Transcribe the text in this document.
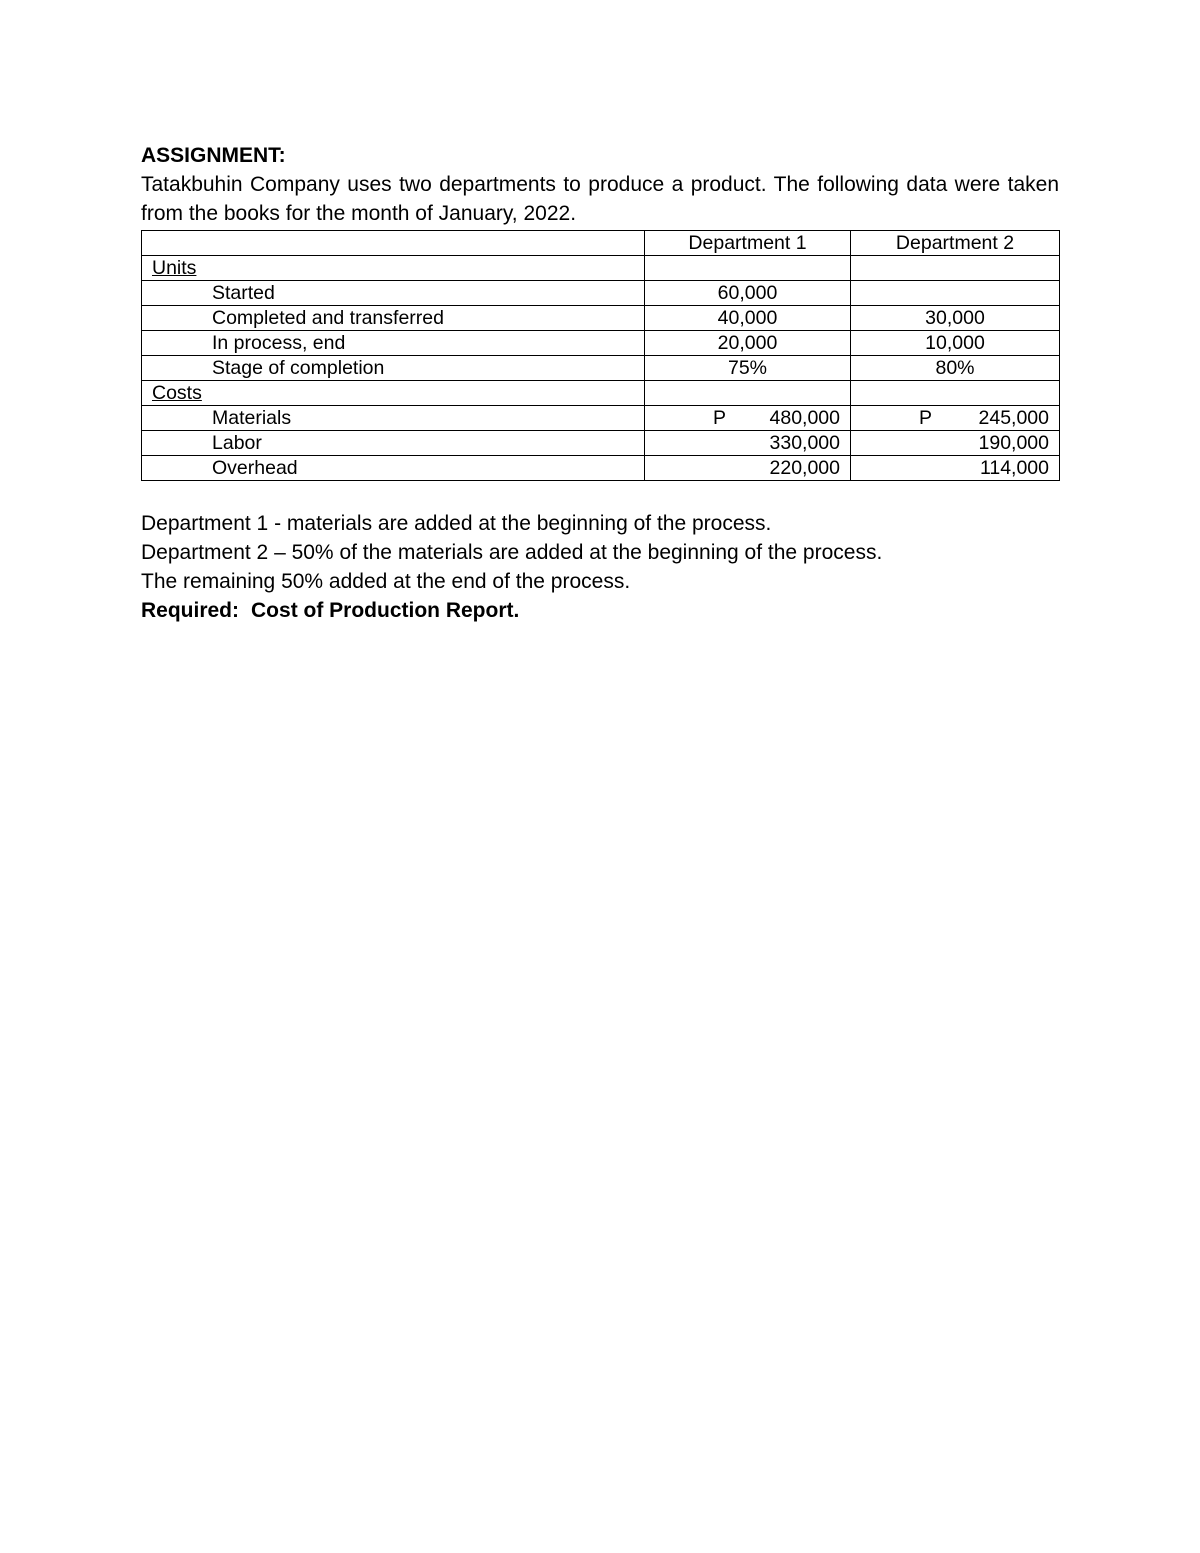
ASSIGNMENT:

Tatakbuhin Company uses two departments to produce a product. The following data were taken from the books for the month of January, 2022.

	Department 1	Department 2
Units		
Started	60,000	
Completed and transferred	40,000	30,000
In process, end	20,000	10,000
Stage of completion	75%	80%
Costs		
Materials	P 480,000	P 245,000

Labor	330,000	190,000

Overhead	220,000	114,000

Department 1 - materials are added at the beginning of the process.

Department 2 – 50% of the materials are added at the beginning of the process.

The remaining 50% added at the end of the process.

Required: Cost of Production Report.
